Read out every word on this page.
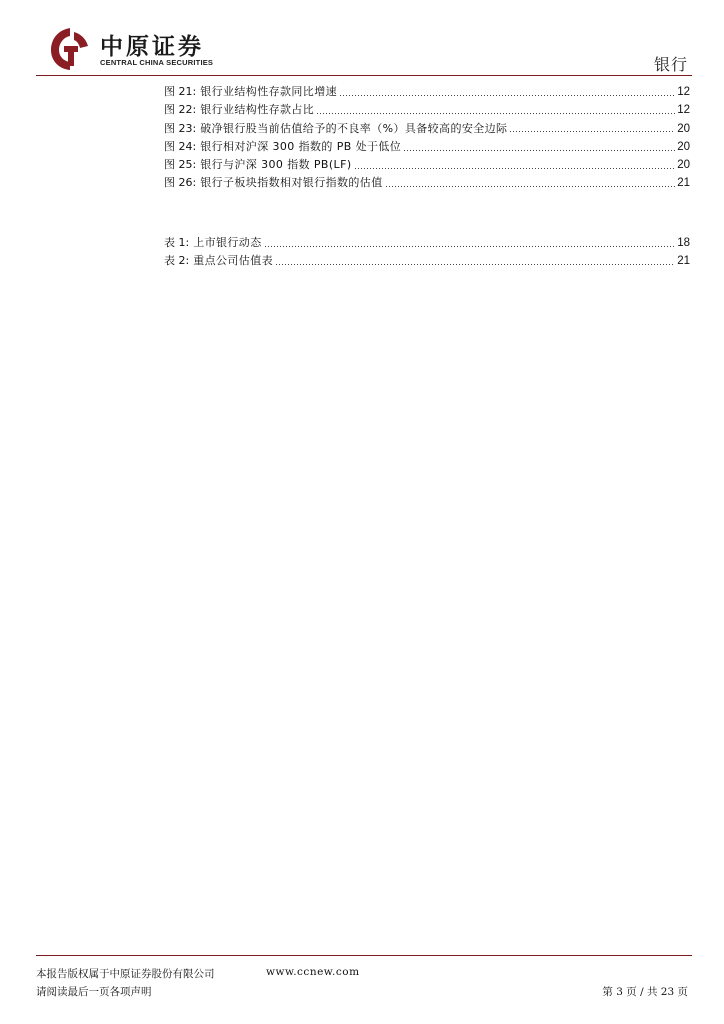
中原证券
CENTRAL CHINA SECURITIES	银行
图 21: 银行业结构性存款同比增速	12
图 22: 银行业结构性存款占比	12
图 23: 破净银行股当前估值给予的不良率（%）具备较高的安全边际	20
图 24: 银行相对沪深 300 指数的 PB 处于低位	20
图 25: 银行与沪深 300 指数 PB(LF)	20
图 26: 银行子板块指数相对银行指数的估值	21
表 1: 上市银行动态	18
表 2: 重点公司估值表	21
本报告版权属于中原证券股份有限公司	www.ccnew.com
请阅读最后一页各项声明	第 3 页 / 共 23 页
